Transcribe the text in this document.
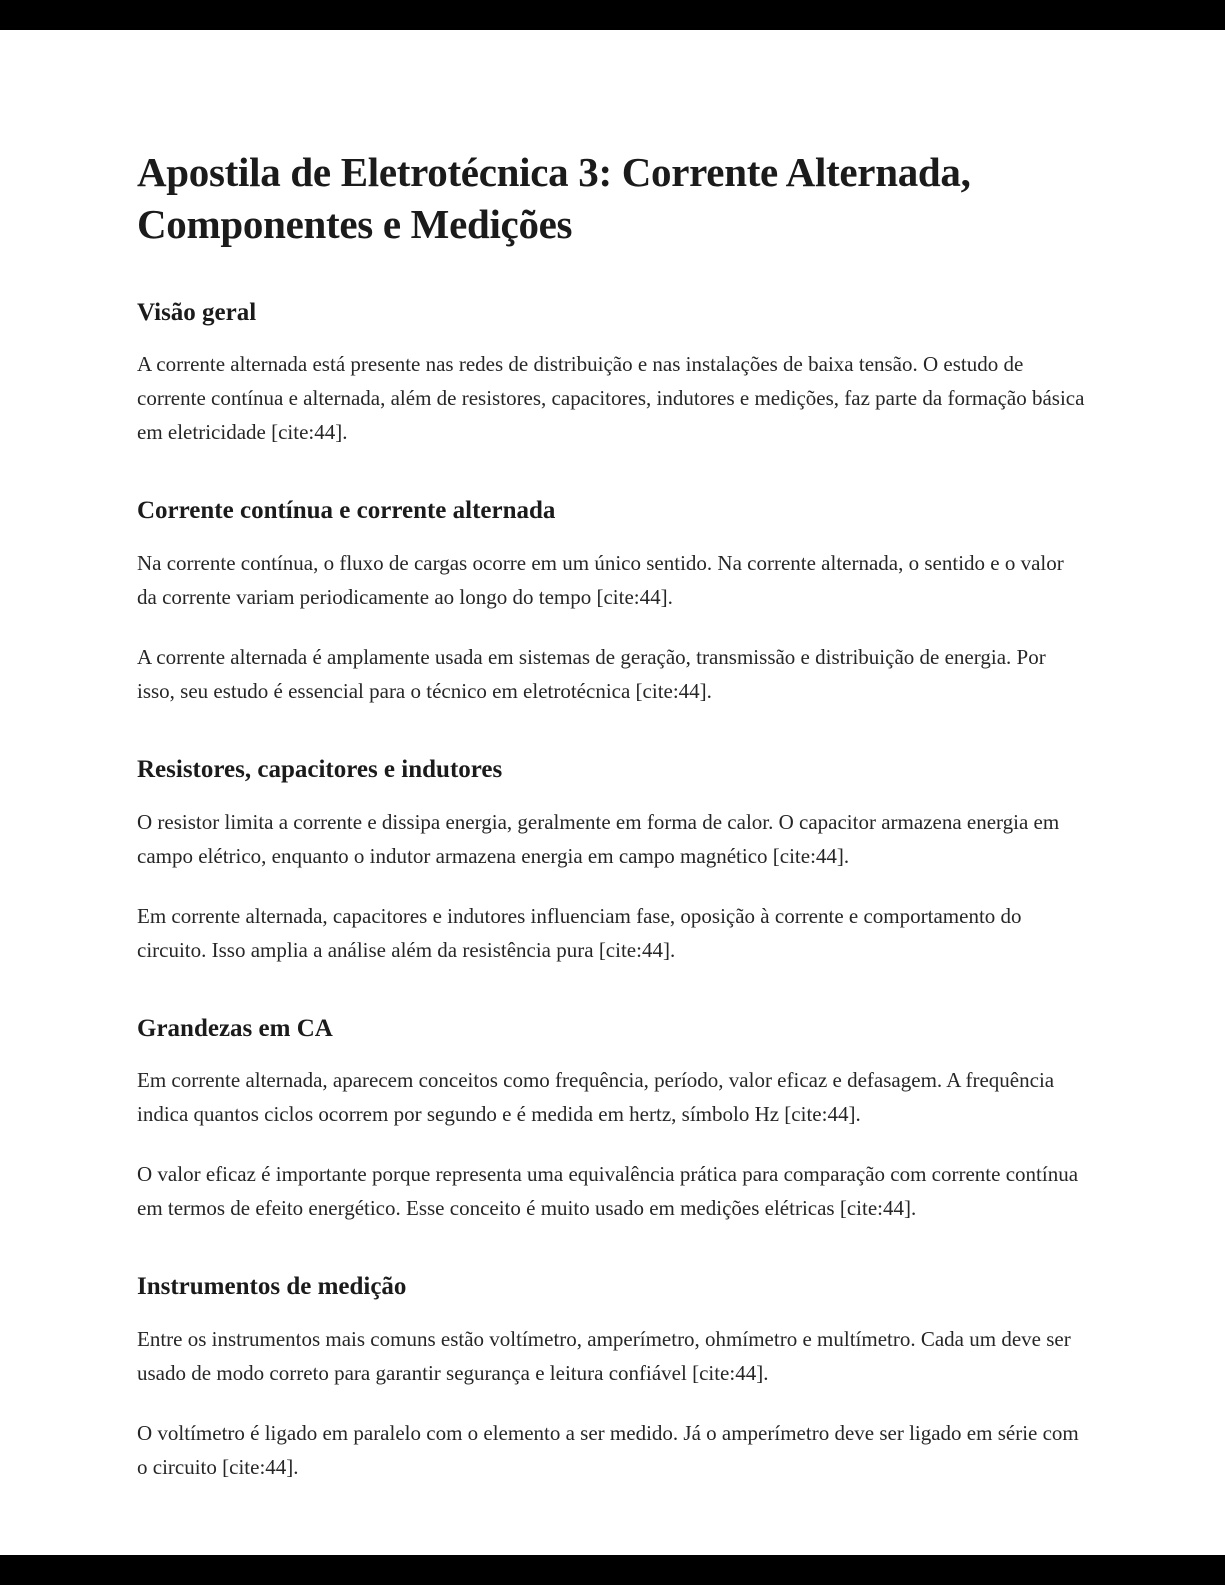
Apostila de Eletrotécnica 3: Corrente Alternada, Componentes e Medições
Visão geral

A corrente alternada está presente nas redes de distribuição e nas instalações de baixa tensão. O estudo de corrente contínua e alternada, além de resistores, capacitores, indutores e medições, faz parte da formação básica em eletricidade [cite:44].

Corrente contínua e corrente alternada

Na corrente contínua, o fluxo de cargas ocorre em um único sentido. Na corrente alternada, o sentido e o valor da corrente variam periodicamente ao longo do tempo [cite:44].

A corrente alternada é amplamente usada em sistemas de geração, transmissão e distribuição de energia. Por isso, seu estudo é essencial para o técnico em eletrotécnica [cite:44].

Resistores, capacitores e indutores

O resistor limita a corrente e dissipa energia, geralmente em forma de calor. O capacitor armazena energia em campo elétrico, enquanto o indutor armazena energia em campo magnético [cite:44].

Em corrente alternada, capacitores e indutores influenciam fase, oposição à corrente e comportamento do circuito. Isso amplia a análise além da resistência pura [cite:44].

Grandezas em CA

Em corrente alternada, aparecem conceitos como frequência, período, valor eficaz e defasagem. A frequência indica quantos ciclos ocorrem por segundo e é medida em hertz, símbolo Hz [cite:44].

O valor eficaz é importante porque representa uma equivalência prática para comparação com corrente contínua em termos de efeito energético. Esse conceito é muito usado em medições elétricas [cite:44].

Instrumentos de medição

Entre os instrumentos mais comuns estão voltímetro, amperímetro, ohmímetro e multímetro. Cada um deve ser usado de modo correto para garantir segurança e leitura confiável [cite:44].

O voltímetro é ligado em paralelo com o elemento a ser medido. Já o amperímetro deve ser ligado em série com o circuito [cite:44].
